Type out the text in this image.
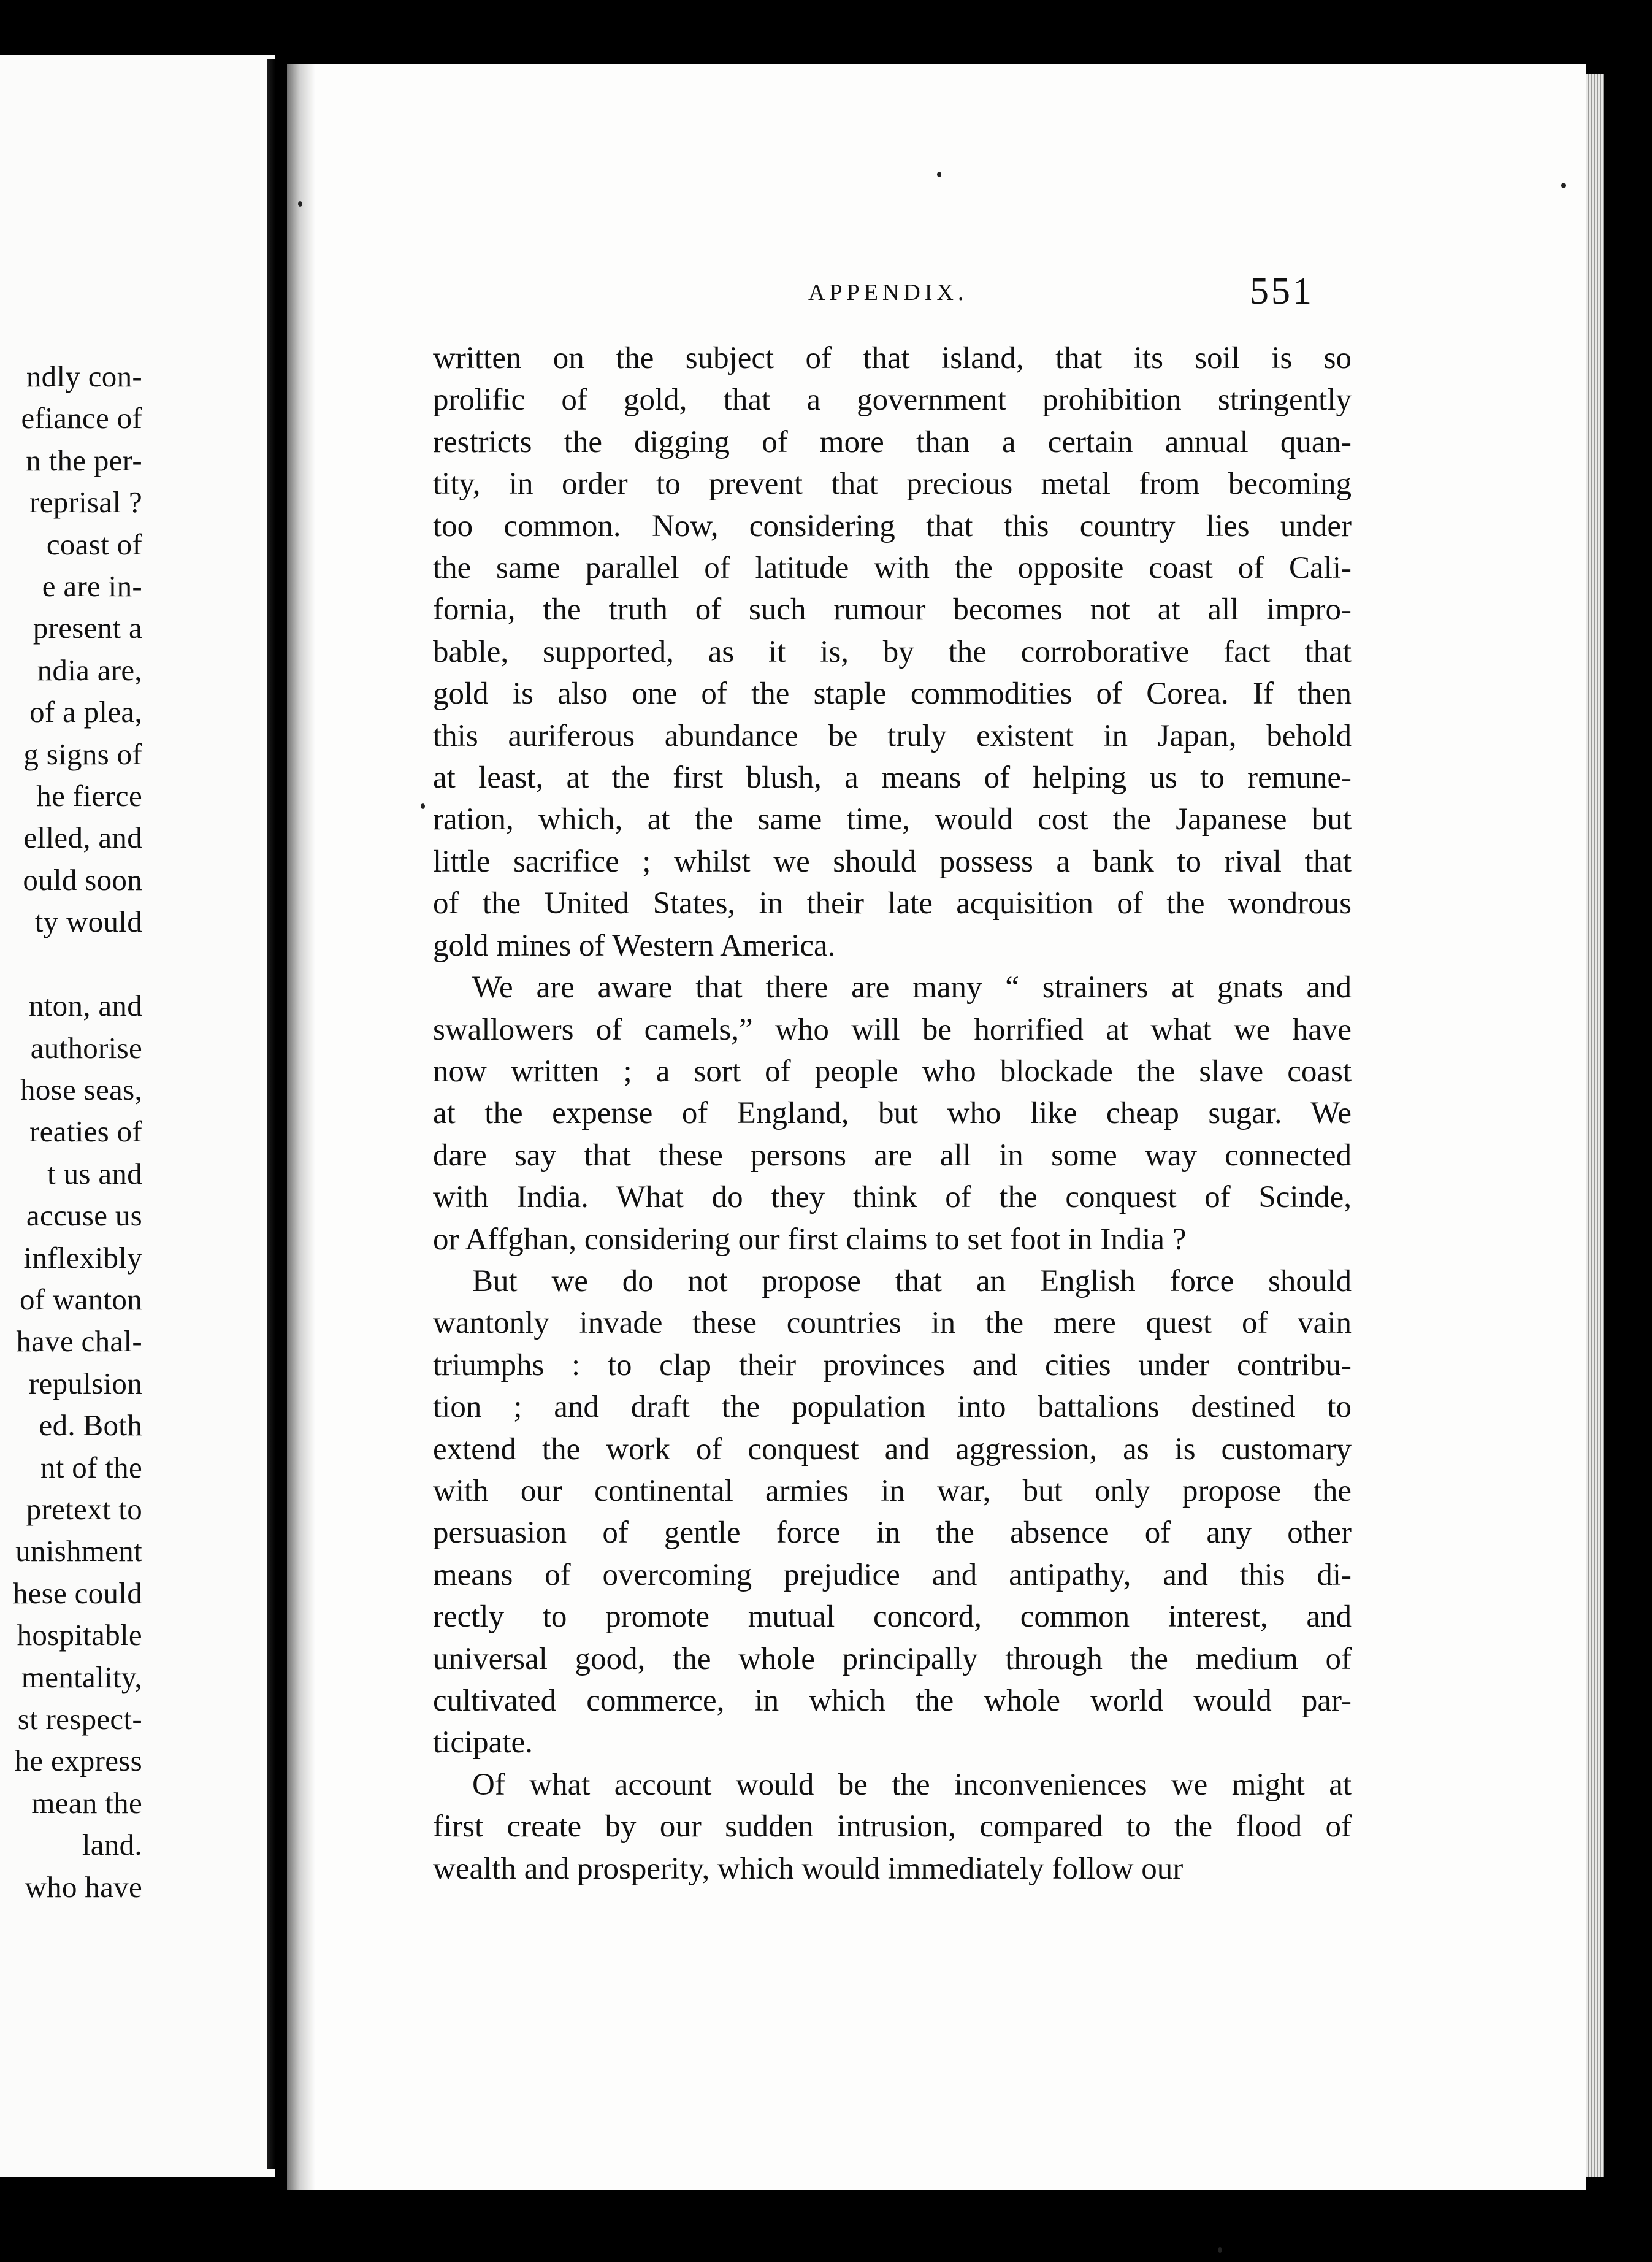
ndly con-
efiance of
n the per-
reprisal ?
coast of
e are in-
present a
ndia are,
of a plea,
g signs of
he fierce
elled, and
ould soon
ty would

nton, and
authorise
hose seas,
reaties of
t us and
accuse us
inflexibly
of wanton
have chal-
repulsion
ed. Both
nt of the
pretext to
unishment
hese could
hospitable
mentality,
st respect-
he express
mean the
land.
who have
APPENDIX.	551

written on the subject of that island, that its soil is so
prolific of gold, that a government prohibition stringently
restricts the digging of more than a certain annual quan-
tity, in order to prevent that precious metal from becoming
too common. Now, considering that this country lies under
the same parallel of latitude with the opposite coast of Cali-
fornia, the truth of such rumour becomes not at all impro-
bable, supported, as it is, by the corroborative fact that
gold is also one of the staple commodities of Corea. If then
this auriferous abundance be truly existent in Japan, behold
at least, at the first blush, a means of helping us to remune-
ration, which, at the same time, would cost the Japanese but
little sacrifice ; whilst we should possess a bank to rival that
of the United States, in their late acquisition of the wondrous
gold mines of Western America.

We are aware that there are many “ strainers at gnats and
swallowers of camels,” who will be horrified at what we have
now written ; a sort of people who blockade the slave coast
at the expense of England, but who like cheap sugar. We
dare say that these persons are all in some way connected
with India. What do they think of the conquest of Scinde,
or Affghan, considering our first claims to set foot in India ?

But we do not propose that an English force should
wantonly invade these countries in the mere quest of vain
triumphs : to clap their provinces and cities under contribu-
tion ; and draft the population into battalions destined to
extend the work of conquest and aggression, as is customary
with our continental armies in war, but only propose the
persuasion of gentle force in the absence of any other
means of overcoming prejudice and antipathy, and this di-
rectly to promote mutual concord, common interest, and
universal good, the whole principally through the medium of
cultivated commerce, in which the whole world would par-
ticipate.

Of what account would be the inconveniences we might at
first create by our sudden intrusion, compared to the flood of
wealth and prosperity, which would immediately follow our
